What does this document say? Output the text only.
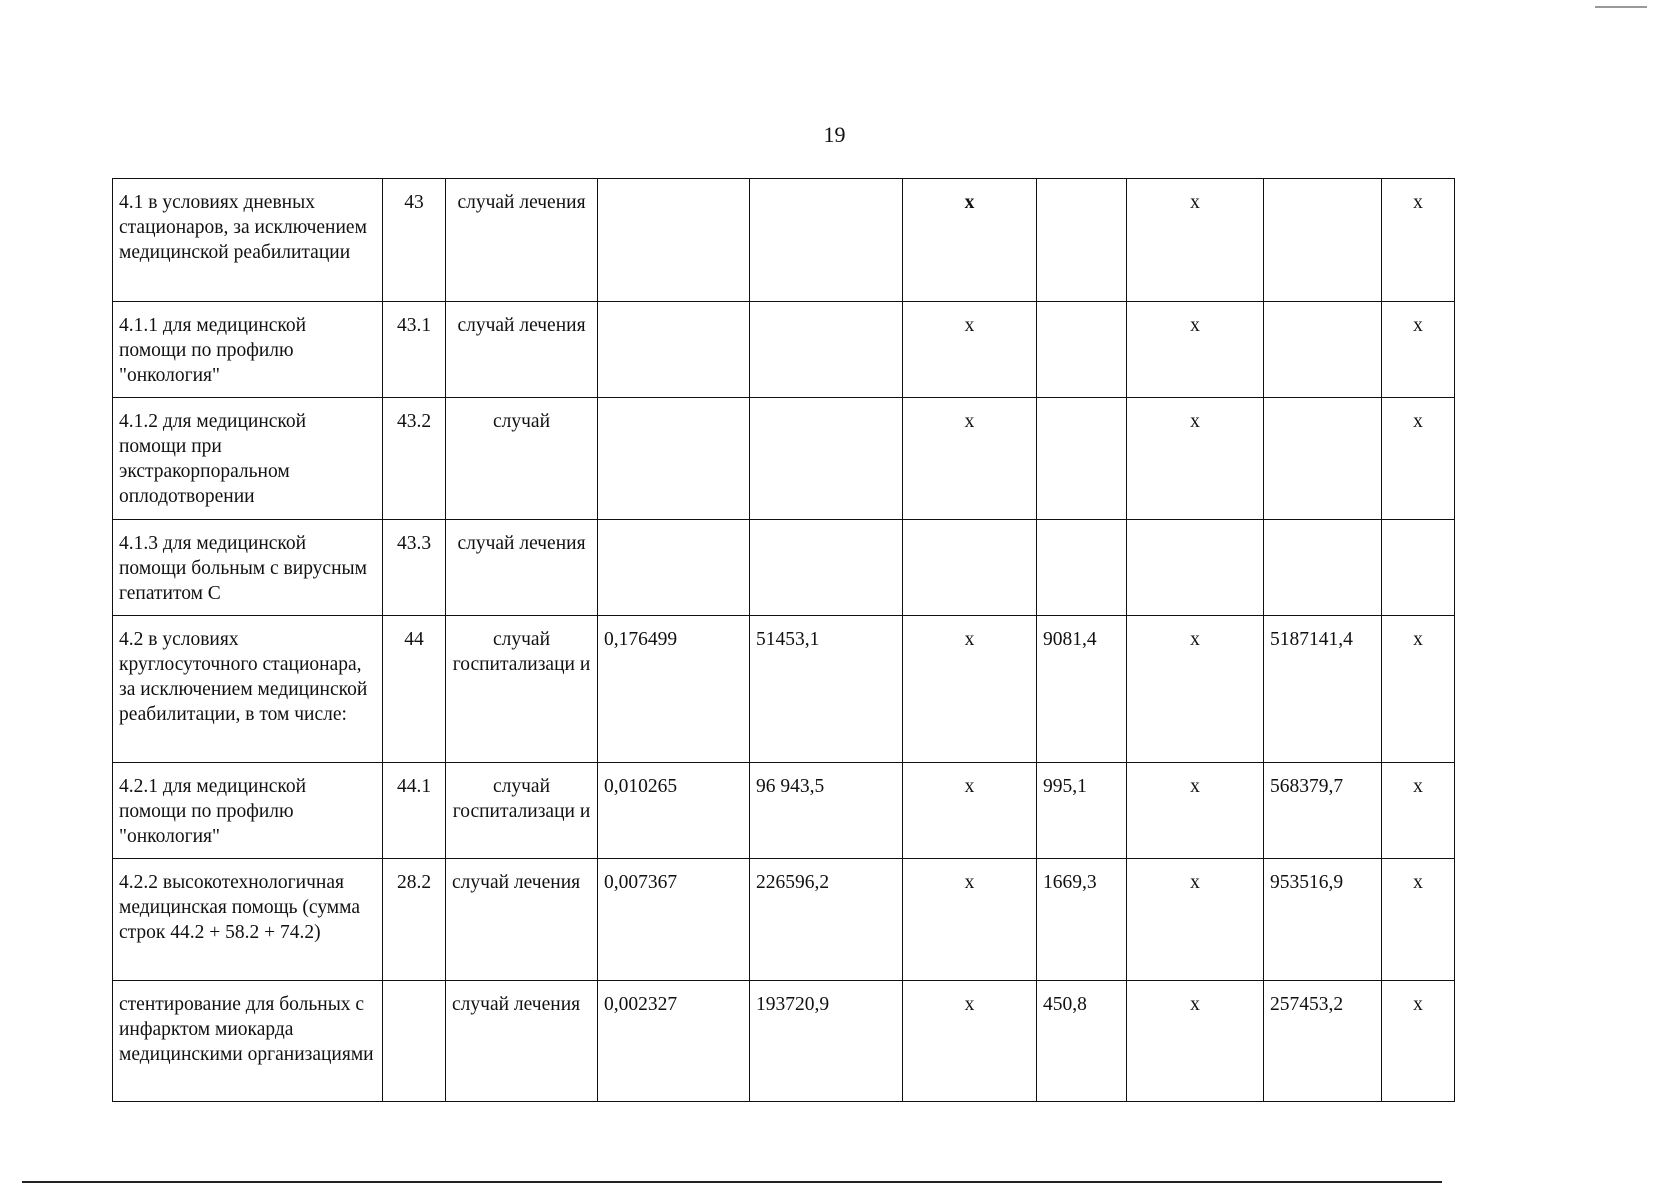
19
4.1 в условиях дневных стационаров, за исключением медицинской реабилитации	43	случай лечения			x		x		x
4.1.1 для медицинской помощи по профилю "онкология"	43.1	случай лечения			x		x		x
4.1.2 для медицинской помощи при экстракорпоральном оплодотворении	43.2	случай			x		x		x
4.1.3 для медицинской помощи больным с вирусным гепатитом С	43.3	случай лечения							
4.2 в условиях круглосуточного стационара, за исключением медицинской реабилитации, в том числе:	44	случай госпитализаци и	0,176499	51453,1	x	9081,4	x	5187141,4	x
4.2.1 для медицинской помощи по профилю "онкология"	44.1	случай госпитализаци и	0,010265	96 943,5	x	995,1	x	568379,7	x
4.2.2 высокотехнологичная медицинская помощь (сумма строк 44.2 + 58.2 + 74.2)	28.2	случай лечения	0,007367	226596,2	x	1669,3	x	953516,9	x
стентирование для больных с инфарктом миокарда медицинскими организациями		случай лечения	0,002327	193720,9	x	450,8	x	257453,2	x
